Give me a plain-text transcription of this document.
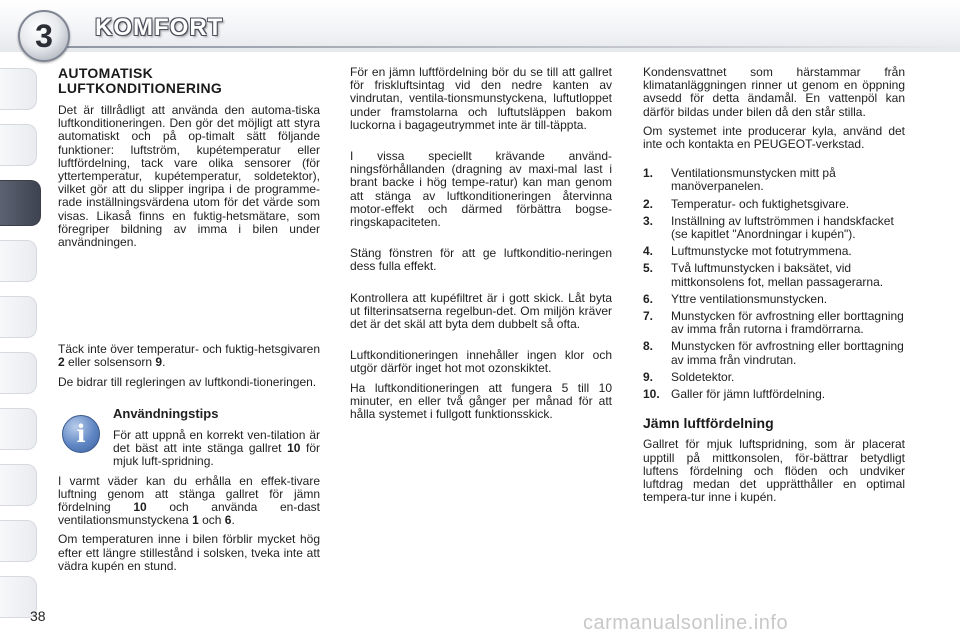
3 KOMFORT
AUTOMATISK LUFTKONDITIONERING

Det är tillrådligt att använda den automa-tiska luftkonditioneringen. Den gör det möjligt att styra automatiskt och på op-timalt sätt följande funktioner: luftström, kupétemperatur eller luftfördelning, tack vare olika sensorer (för yttertemperatur, kupétemperatur, soldetektor), vilket gör att du slipper ingripa i de programme-rade inställningsvärdena utom för det värde som visas. Likaså finns en fuktig-hetsmätare, som föregriper bildning av imma i bilen under användningen.

Täck inte över temperatur- och fuktig-hetsgivaren 2 eller solsensorn 9.

De bidrar till regleringen av luftkondi-tioneringen.

i
Användningstips

För att uppnå en korrekt ven-tilation är det bäst att inte stänga gallret 10 för mjuk luft-spridning.

I varmt väder kan du erhålla en effek-tivare luftning genom att stänga gallret för jämn fördelning 10 och använda en-dast ventilationsmunstyckena 1 och 6.

Om temperaturen inne i bilen förblir mycket hög efter ett längre stillestånd i solsken, tveka inte att vädra kupén en stund.

För en jämn luftfördelning bör du se till att gallret för friskluftsintag vid den nedre kanten av vindrutan, ventila-tionsmunstyckena, luftutloppet under framstolarna och luftutsläppen bakom luckorna i bagageutrymmet inte är till-täppta.

I vissa speciellt krävande använd-ningsförhållanden (dragning av maxi-mal last i brant backe i hög tempe-ratur) kan man genom att stänga av luftkonditioneringen återvinna motor-effekt och därmed förbättra bogse-ringskapaciteten.

Stäng fönstren för att ge luftkonditio-neringen dess fulla effekt.

Kontrollera att kupéfiltret är i gott skick. Låt byta ut filterinsatserna regelbun-det. Om miljön kräver det är det skäl att byta dem dubbelt så ofta.

Luftkonditioneringen innehåller ingen klor och utgör därför inget hot mot ozonskiktet.

Ha luftkonditioneringen att fungera 5 till 10 minuter, en eller två gånger per månad för att hålla systemet i fullgott funktionsskick.

Kondensvattnet som härstammar från klimatanläggningen rinner ut genom en öppning avsedd för detta ändamål. En vattenpöl kan därför bildas under bilen då den står stilla.

Om systemet inte producerar kyla, använd det inte och kontakta en PEUGEOT-verkstad.

1.	Ventilationsmunstycken mitt på manöverpanelen.
2.	Temperatur- och fuktighetsgivare.
3.	Inställning av luftströmmen i handskfacket (se kapitlet "Anordningar i kupén").
4.	Luftmunstycke mot fotutrymmena.
5.	Två luftmunstycken i baksätet, vid mittkonsolens fot, mellan passagerarna.
6.	Yttre ventilationsmunstycken.
7.	Munstycken för avfrostning eller borttagning av imma från rutorna i framdörrarna.
8.	Munstycken för avfrostning eller borttagning av imma från vindrutan.
9.	Soldetektor.
10. Galler för jämn luftfördelning.
Jämn luftfördelning

Gallret för mjuk luftspridning, som är placerat upptill på mittkonsolen, för-bättrar betydligt luftens fördelning och flöden och undviker luftdrag medan det upprätthåller en optimal tempera-tur inne i kupén.

38	carmanualsonline.info
